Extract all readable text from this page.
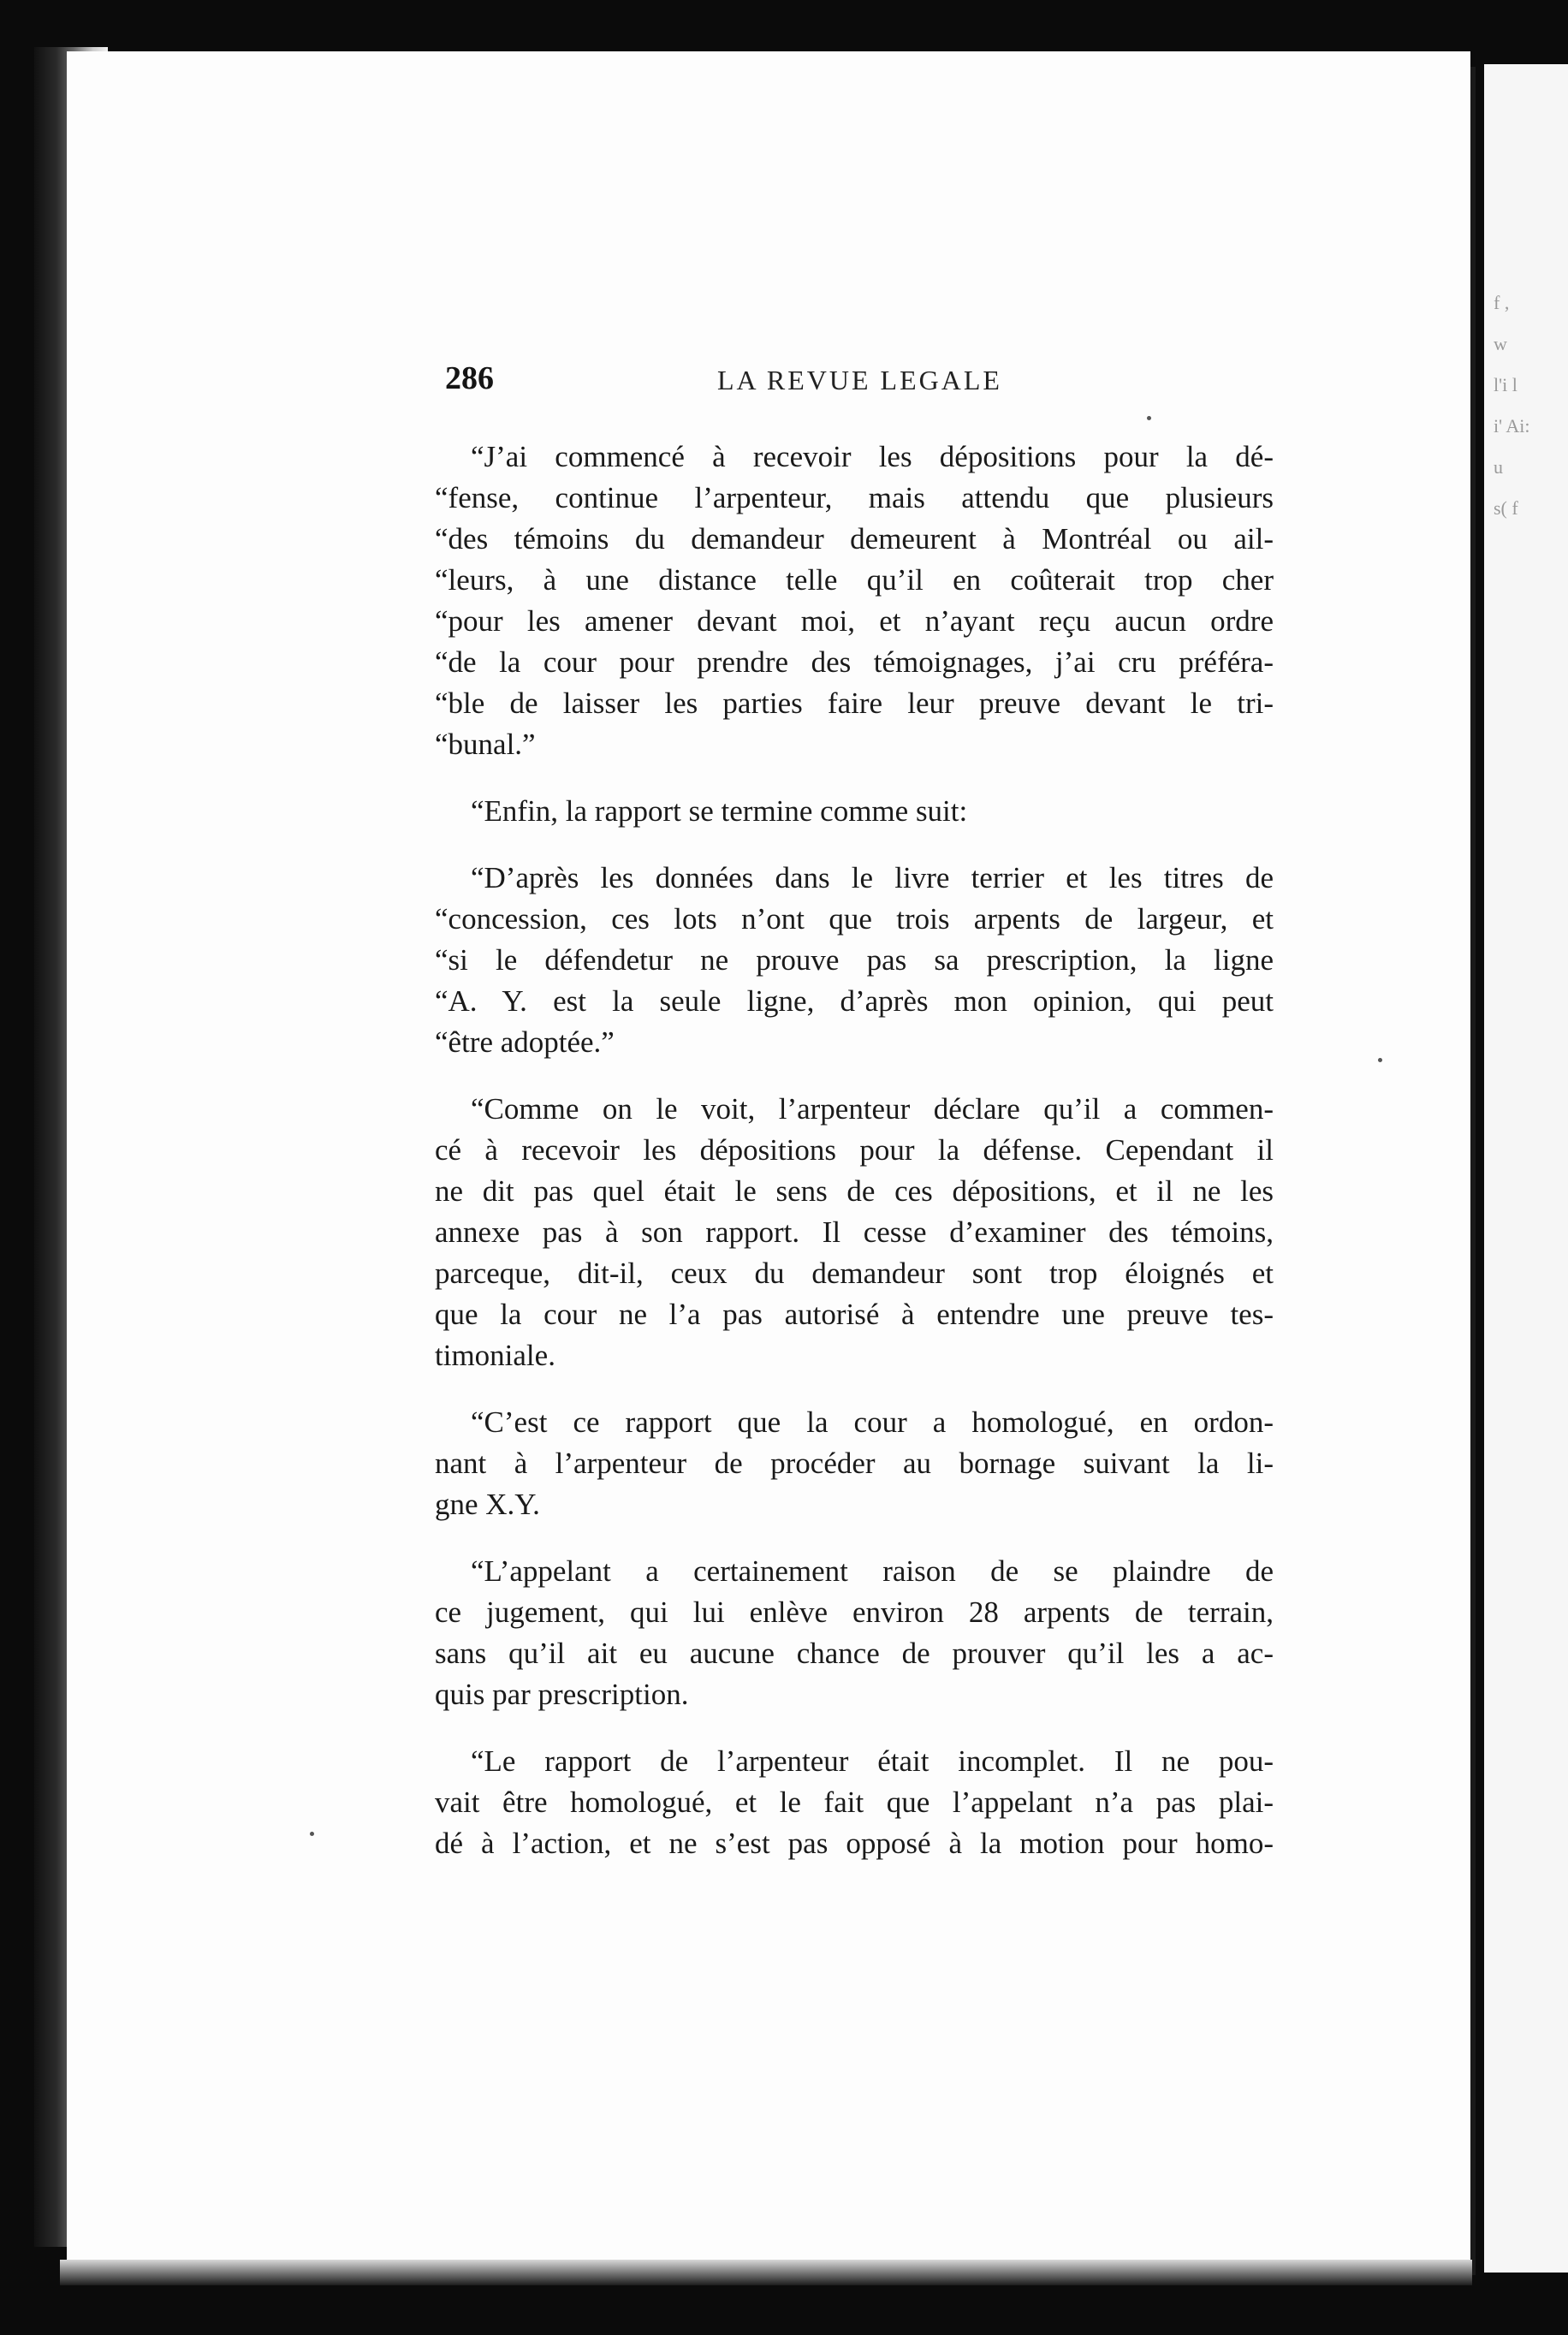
f ,
w
l'i l
i' Ai:
u
s( f
286	LA REVUE LEGALE
“J’ai commencé à recevoir les dépositions pour la dé-
“fense, continue l’arpenteur, mais attendu que plusieurs
“des témoins du demandeur demeurent à Montréal ou ail-
“leurs, à une distance telle qu’il en coûterait trop cher
“pour les amener devant moi, et n’ayant reçu aucun ordre
“de la cour pour prendre des témoignages, j’ai cru préféra-
“ble de laisser les parties faire leur preuve devant le tri-
“bunal.”
“Enfin, la rapport se termine comme suit:
“D’après les données dans le livre terrier et les titres de
“concession, ces lots n’ont que trois arpents de largeur, et
“si le défendetur ne prouve pas sa prescription, la ligne
“A. Y. est la seule ligne, d’après mon opinion, qui peut
“être adoptée.”
“Comme on le voit, l’arpenteur déclare qu’il a commen-
cé à recevoir les dépositions pour la défense. Cependant il
ne dit pas quel était le sens de ces dépositions, et il ne les
annexe pas à son rapport. Il cesse d’examiner des témoins,
parceque, dit-il, ceux du demandeur sont trop éloignés et
que la cour ne l’a pas autorisé à entendre une preuve tes-
timoniale.
“C’est ce rapport que la cour a homologué, en ordon-
nant à l’arpenteur de procéder au bornage suivant la li-
gne X.Y.
“L’appelant a certainement raison de se plaindre de
ce jugement, qui lui enlève environ 28 arpents de terrain,
sans qu’il ait eu aucune chance de prouver qu’il les a ac-
quis par prescription.
“Le rapport de l’arpenteur était incomplet. Il ne pou-
vait être homologué, et le fait que l’appelant n’a pas plai-
dé à l’action, et ne s’est pas opposé à la motion pour homo-
